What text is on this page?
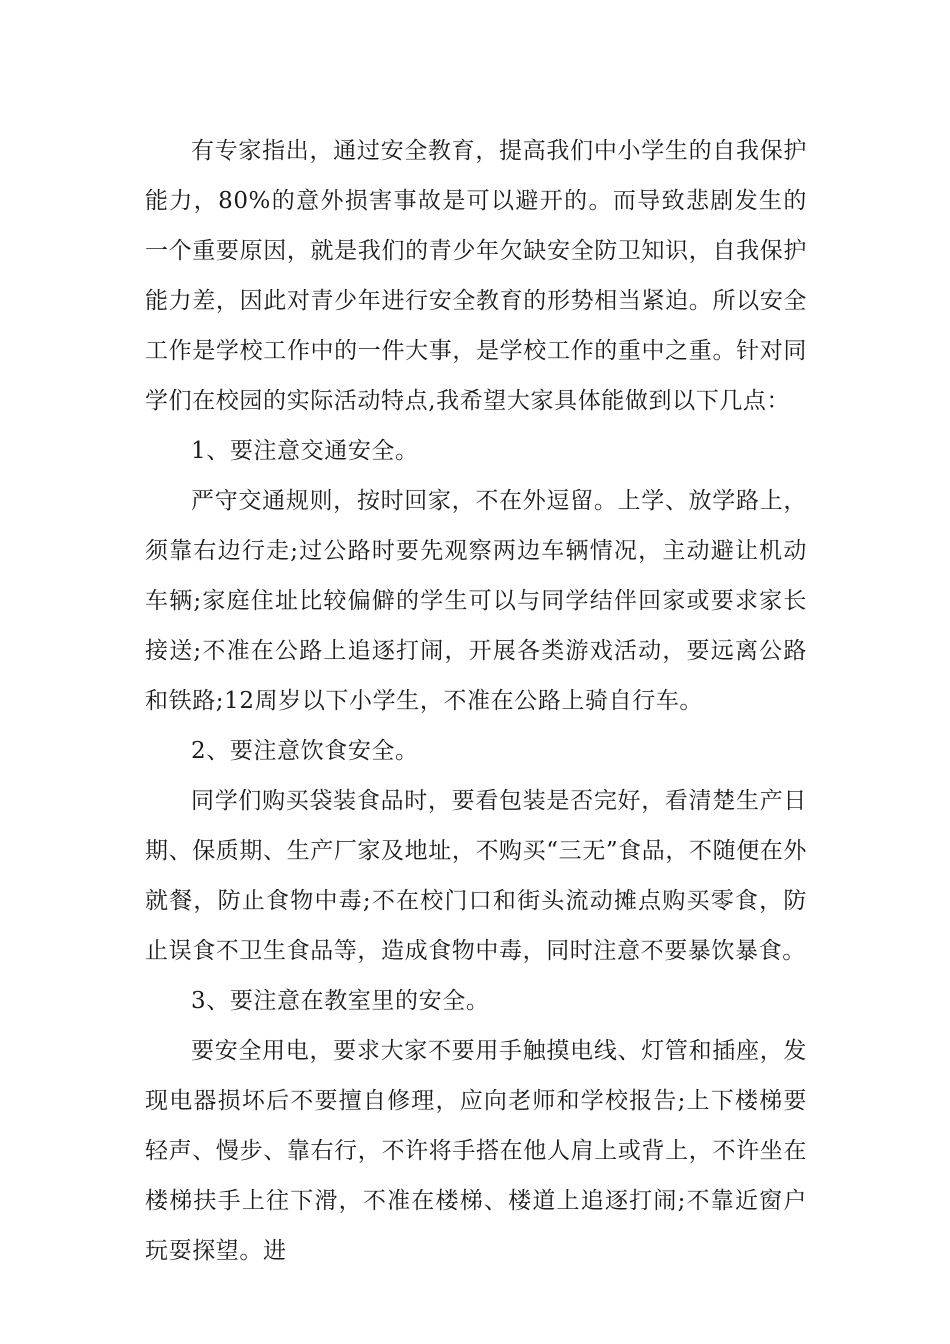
有专家指出，通过安全教育，提高我们中小学生的自我保护能力，80%的意外损害事故是可以避开的。而导致悲剧发生的一个重要原因，就是我们的青少年欠缺安全防卫知识，自我保护能力差，因此对青少年进行安全教育的形势相当紧迫。所以安全工作是学校工作中的一件大事，是学校工作的重中之重。针对同学们在校园的实际活动特点,我希望大家具体能做到以下几点：

1、要注意交通安全。

严守交通规则，按时回家，不在外逗留。上学、放学路上，须靠右边行走;过公路时要先观察两边车辆情况，主动避让机动车辆;家庭住址比较偏僻的学生可以与同学结伴回家或要求家长接送;不准在公路上追逐打闹，开展各类游戏活动，要远离公路和铁路;12周岁以下小学生，不准在公路上骑自行车。

2、要注意饮食安全。

同学们购买袋装食品时，要看包装是否完好，看清楚生产日期、保质期、生产厂家及地址，不购买“三无”食品，不随便在外就餐，防止食物中毒;不在校门口和街头流动摊点购买零食，防止误食不卫生食品等，造成食物中毒，同时注意不要暴饮暴食。

3、要注意在教室里的安全。

要安全用电，要求大家不要用手触摸电线、灯管和插座，发现电器损坏后不要擅自修理，应向老师和学校报告;上下楼梯要轻声、慢步、靠右行，不许将手搭在他人肩上或背上，不许坐在楼梯扶手上往下滑，不准在楼梯、楼道上追逐打闹;不靠近窗户玩耍探望。进
